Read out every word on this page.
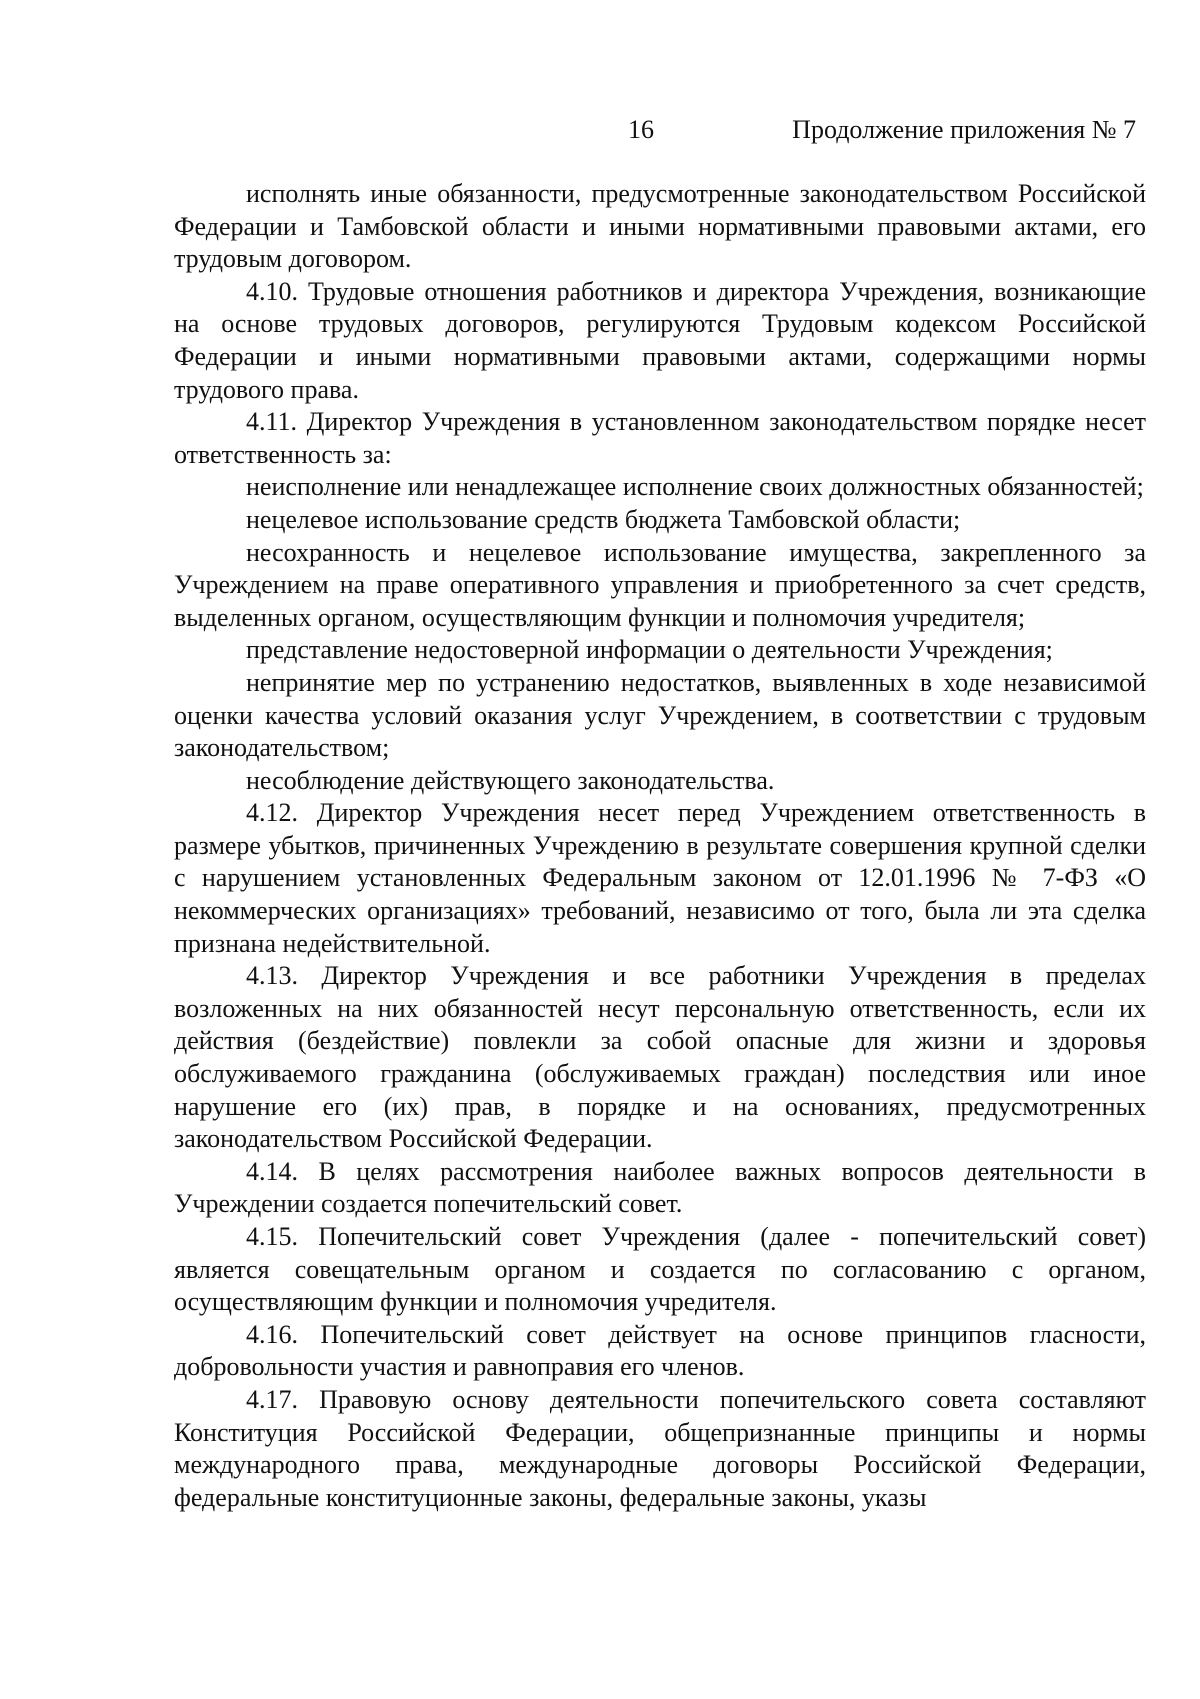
16	Продолжение приложения № 7

исполнять иные обязанности, предусмотренные законодательством Российской Федерации и Тамбовской области и иными нормативными правовыми актами, его трудовым договором.

4.10. Трудовые отношения работников и директора Учреждения, возникающие на основе трудовых договоров, регулируются Трудовым кодексом Российской Федерации и иными нормативными правовыми актами, содержащими нормы трудового права.

4.11. Директор Учреждения в установленном законодательством порядке несет ответственность за:

неисполнение или ненадлежащее исполнение своих должностных обязанностей;

нецелевое использование средств бюджета Тамбовской области;

несохранность и нецелевое использование имущества, закрепленного за Учреждением на праве оперативного управления и приобретенного за счет средств, выделенных органом, осуществляющим функции и полномочия учредителя;

представление недостоверной информации о деятельности Учреждения;

непринятие мер по устранению недостатков, выявленных в ходе независимой оценки качества условий оказания услуг Учреждением, в соответствии с трудовым законодательством;

несоблюдение действующего законодательства.

4.12. Директор Учреждения несет перед Учреждением ответственность в размере убытков, причиненных Учреждению в результате совершения крупной сделки с нарушением установленных Федеральным законом от 12.01.1996 № 7-ФЗ «О некоммерческих организациях» требований, независимо от того, была ли эта сделка признана недействительной.

4.13. Директор Учреждения и все работники Учреждения в пределах возложенных на них обязанностей несут персональную ответственность, если их действия (бездействие) повлекли за собой опасные для жизни и здоровья обслуживаемого гражданина (обслуживаемых граждан) последствия или иное нарушение его (их) прав, в порядке и на основаниях, предусмотренных законодательством Российской Федерации.

4.14. В целях рассмотрения наиболее важных вопросов деятельности в Учреждении создается попечительский совет.

4.15. Попечительский совет Учреждения (далее - попечительский совет) является совещательным органом и создается по согласованию с органом, осуществляющим функции и полномочия учредителя.

4.16. Попечительский совет действует на основе принципов гласности, добровольности участия и равноправия его членов.

4.17. Правовую основу деятельности попечительского совета составляют Конституция Российской Федерации, общепризнанные принципы и нормы международного права, международные договоры Российской Федерации, федеральные конституционные законы, федеральные законы, указы
